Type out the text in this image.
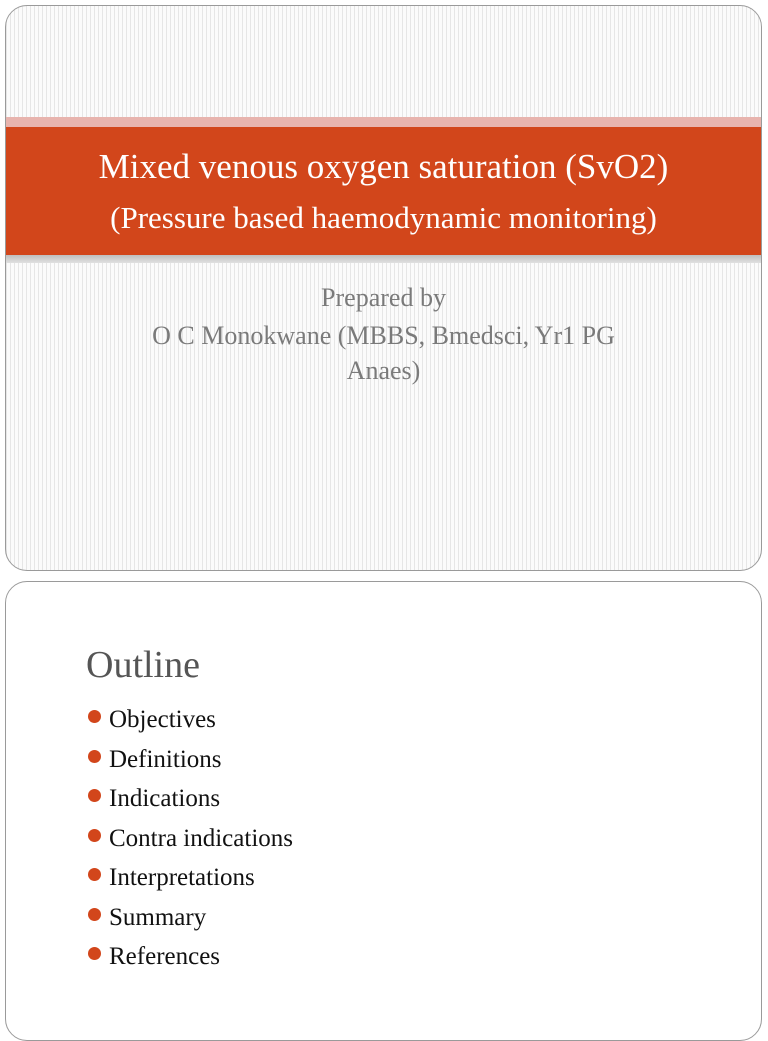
Mixed venous oxygen saturation (SvO2)
(Pressure based haemodynamic monitoring)
Prepared by
O C Monokwane (MBBS, Bmedsci, Yr1 PG
Anaes)
Outline
Objectives
Definitions
Indications
Contra indications
Interpretations
Summary
References
